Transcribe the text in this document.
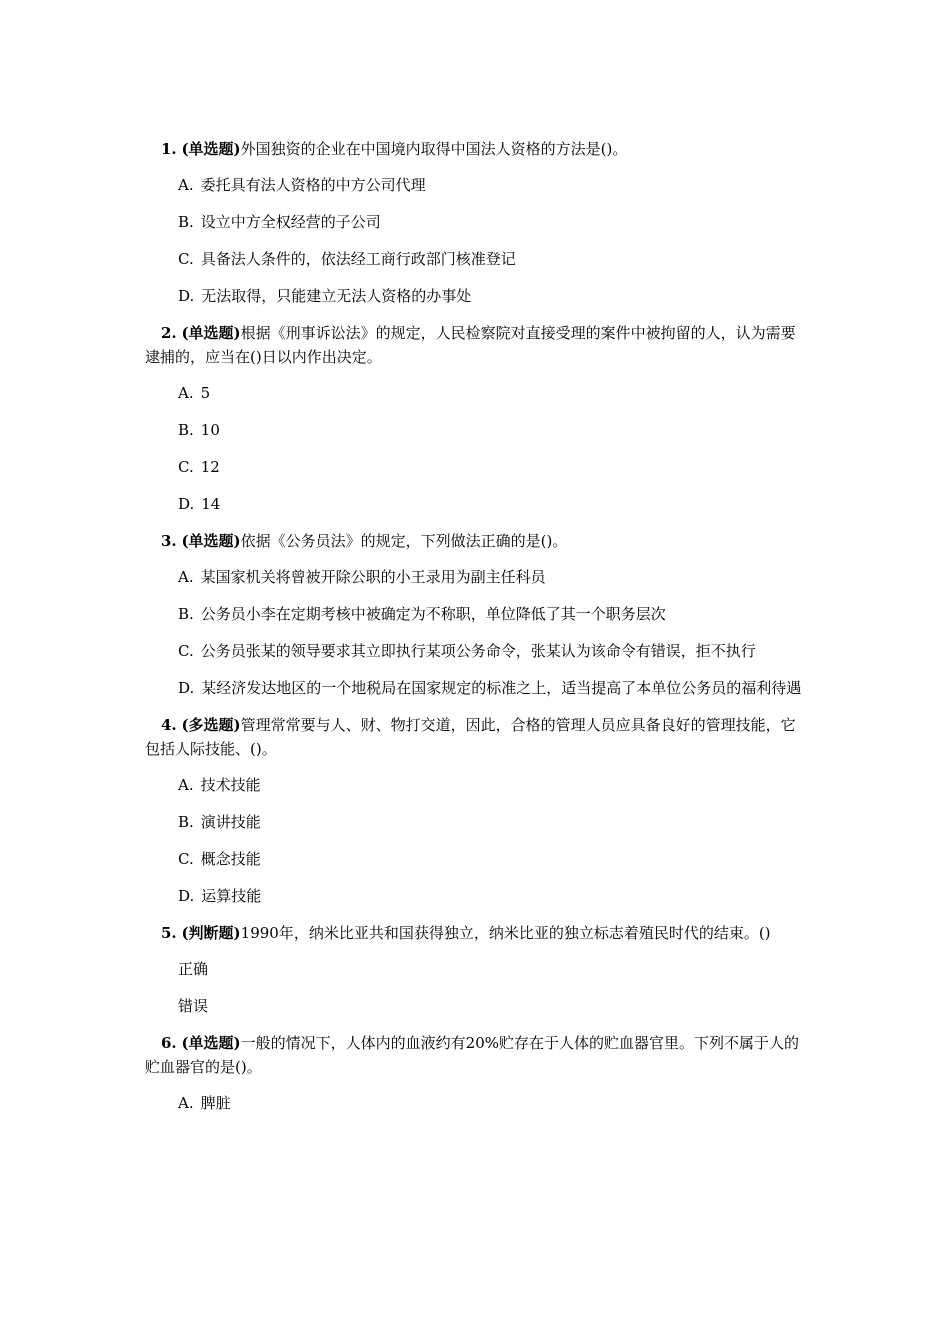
1. (单选题)外国独资的企业在中国境内取得中国法人资格的方法是()。

A. 委托具有法人资格的中方公司代理

B. 设立中方全权经营的子公司

C. 具备法人条件的，依法经工商行政部门核准登记

D. 无法取得，只能建立无法人资格的办事处

2. (单选题)根据《刑事诉讼法》的规定，人民检察院对直接受理的案件中被拘留的人，认为需要逮捕的，应当在()日以内作出决定。

A. 5

B. 10

C. 12

D. 14

3. (单选题)依据《公务员法》的规定，下列做法正确的是()。

A. 某国家机关将曾被开除公职的小王录用为副主任科员

B. 公务员小李在定期考核中被确定为不称职，单位降低了其一个职务层次

C. 公务员张某的领导要求其立即执行某项公务命令，张某认为该命令有错误，拒不执行

D. 某经济发达地区的一个地税局在国家规定的标准之上，适当提高了本单位公务员的福利待遇

4. (多选题)管理常常要与人、财、物打交道，因此，合格的管理人员应具备良好的管理技能，它包括人际技能、()。

A. 技术技能

B. 演讲技能

C. 概念技能

D. 运算技能

5. (判断题)1990年，纳米比亚共和国获得独立，纳米比亚的独立标志着殖民时代的结束。()

正确

错误

6. (单选题)一般的情况下，人体内的血液约有20%贮存在于人体的贮血器官里。下列不属于人的贮血器官的是()。

A. 脾脏
